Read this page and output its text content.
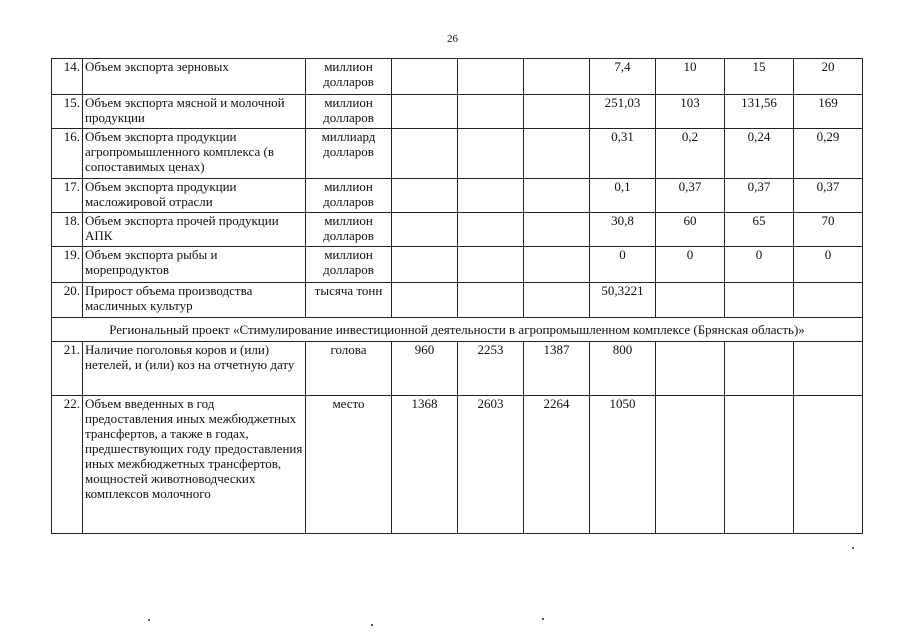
26
14.	Объем экспорта зерновых	миллион долларов				7,4	10	15	20
15.	Объем экспорта мясной и молочной продукции	миллион долларов				251,03	103	131,56	169
16.	Объем экспорта продукции агропромышленного комплекса (в сопоставимых ценах)	миллиард долларов				0,31	0,2	0,24	0,29
17.	Объем экспорта продукции масложировой отрасли	миллион долларов				0,1	0,37	0,37	0,37
18.	Объем экспорта прочей продукции АПК	миллион долларов				30,8	60	65	70
19.	Объем экспорта рыбы и морепродуктов	миллион долларов				0	0	0	0
20.	Прирост объема производства масличных культур	тысяча тонн				50,3221			
Региональный проект «Стимулирование инвестиционной деятельности в агропромышленном комплексе (Брянская область)»									
21.	Наличие поголовья коров и (или) нетелей, и (или) коз на отчетную дату	голова	960	2253	1387	800			
22.	Объем введенных в год предоставления иных межбюджетных трансфертов, а также в годах, предшествующих году предоставления иных межбюджетных трансфертов, мощностей животноводческих комплексов молочного	место	1368	2603	2264	1050			
